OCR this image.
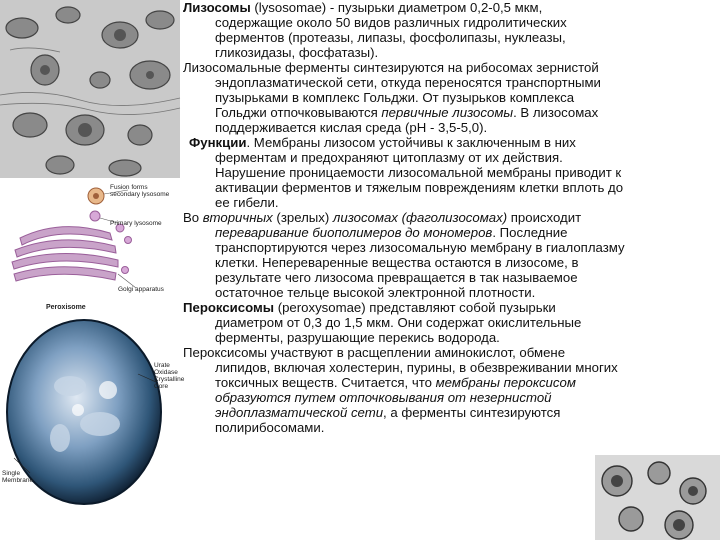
Fusion forms secondary lysosome
Primary lysosome
Golgi apparatus
Peroxisome
Urate Oxidase Crystalline Core
Single Membrane

Лизосомы (lysosomae) - пузырьки диаметром 0,2-0,5 мкм,
содержащие около 50 видов различных гидролитических
ферментов (протеазы, липазы, фосфолипазы, нуклеазы,
гликозидазы, фосфатазы).

Лизосомальные ферменты синтезируются на рибосомах зернистой
эндоплазматической сети, откуда переносятся транспортными
пузырьками в комплекс Гольджи. От пузырьков комплекса
Гольджи отпочковываются первичные лизосомы. В лизосомах
поддерживается кислая среда (рН - 3,5-5,0).

Функции. Мембраны лизосом устойчивы к заключенным в них
ферментам и предохраняют цитоплазму от их действия.
Нарушение проницаемости лизосомальной мембраны приводит к
активации ферментов и тяжелым повреждениям клетки вплоть до
ее гибели.

Во вторичных (зрелых) лизосомах (фаголизосомах) происходит
переваривание биополимеров до мономеров. Последние
транспортируются через лизосомальную мембрану в гиалоплазму
клетки. Непереваренные вещества остаются в лизосоме, в
результате чего лизосома превращается в так называемое
остаточное тельце высокой электронной плотности.

Пероксисомы (peroxysomae) представляют собой пузырьки
диаметром от 0,3 до 1,5 мкм. Они содержат окислительные
ферменты, разрушающие перекись водорода.

Пероксисомы участвуют в расщеплении аминокислот, обмене
липидов, включая холестерин, пурины, в обезвреживании многих
токсичных веществ. Считается, что мембраны пероксисом
образуются путем отпочковывания от незернистой
эндоплазматической сети, а ферменты синтезируются
полирибосомами.
